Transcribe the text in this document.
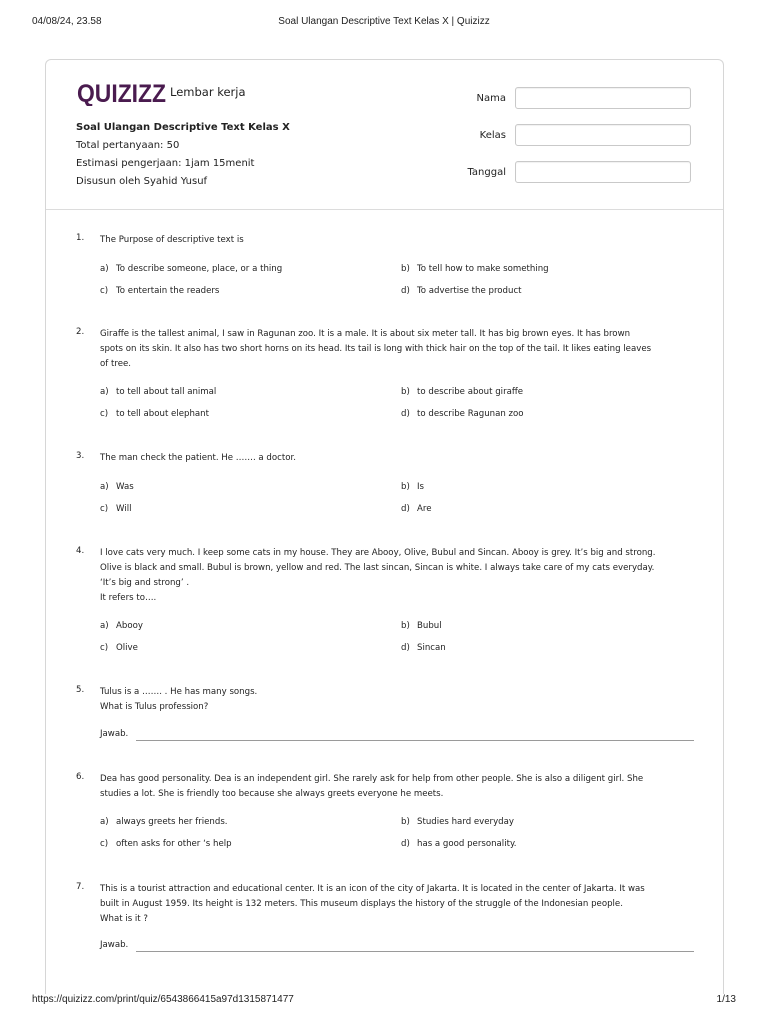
04/08/24, 23.58	Soal Ulangan Descriptive Text Kelas X | Quizizz
QUIZIZZ Lembar kerja
Soal Ulangan Descriptive Text Kelas X
Total pertanyaan: 50
Estimasi pengerjaan: 1jam 15menit
Disusun oleh Syahid Yusuf
Nama
Kelas
Tanggal
1.	The Purpose of descriptive text is
a) To describe someone, place, or a thing	b) To tell how to make something
c) To entertain the readers	d) To advertise the product
2.	Giraffe is the tallest animal, I saw in Ragunan zoo. It is a male. It is about six meter tall. It has big brown eyes. It has brown
spots on its skin. It also has two short horns on its head. Its tail is long with thick hair on the top of the tail. It likes eating leaves
of tree.
a) to tell about tall animal	b) to describe about giraffe
c) to tell about elephant	d) to describe Ragunan zoo
3.	The man check the patient. He ……. a doctor.
a) Was	b) Is
c) Will	d) Are
4.	I love cats very much. I keep some cats in my house. They are Abooy, Olive, Bubul and Sincan. Abooy is grey. It’s big and strong.
Olive is black and small. Bubul is brown, yellow and red. The last sincan, Sincan is white. I always take care of my cats everyday.
‘It’s big and strong’ .
It refers to….
a) Abooy	b) Bubul
c) Olive	d) Sincan
5.	Tulus is a ……. . He has many songs.
What is Tulus profession?
Jawab.
6.	Dea has good personality. Dea is an independent girl. She rarely ask for help from other people. She is also a diligent girl. She
studies a lot. She is friendly too because she always greets everyone he meets.
a) always greets her friends.	b) Studies hard everyday
c) often asks for other ‘s help	d) has a good personality.
7.	This is a tourist attraction and educational center. It is an icon of the city of Jakarta. It is located in the center of Jakarta. It was
built in August 1959. Its height is 132 meters. This museum displays the history of the struggle of the Indonesian people.
What is it ?
Jawab.
https://quizizz.com/print/quiz/6543866415a97d1315871477	1/13
